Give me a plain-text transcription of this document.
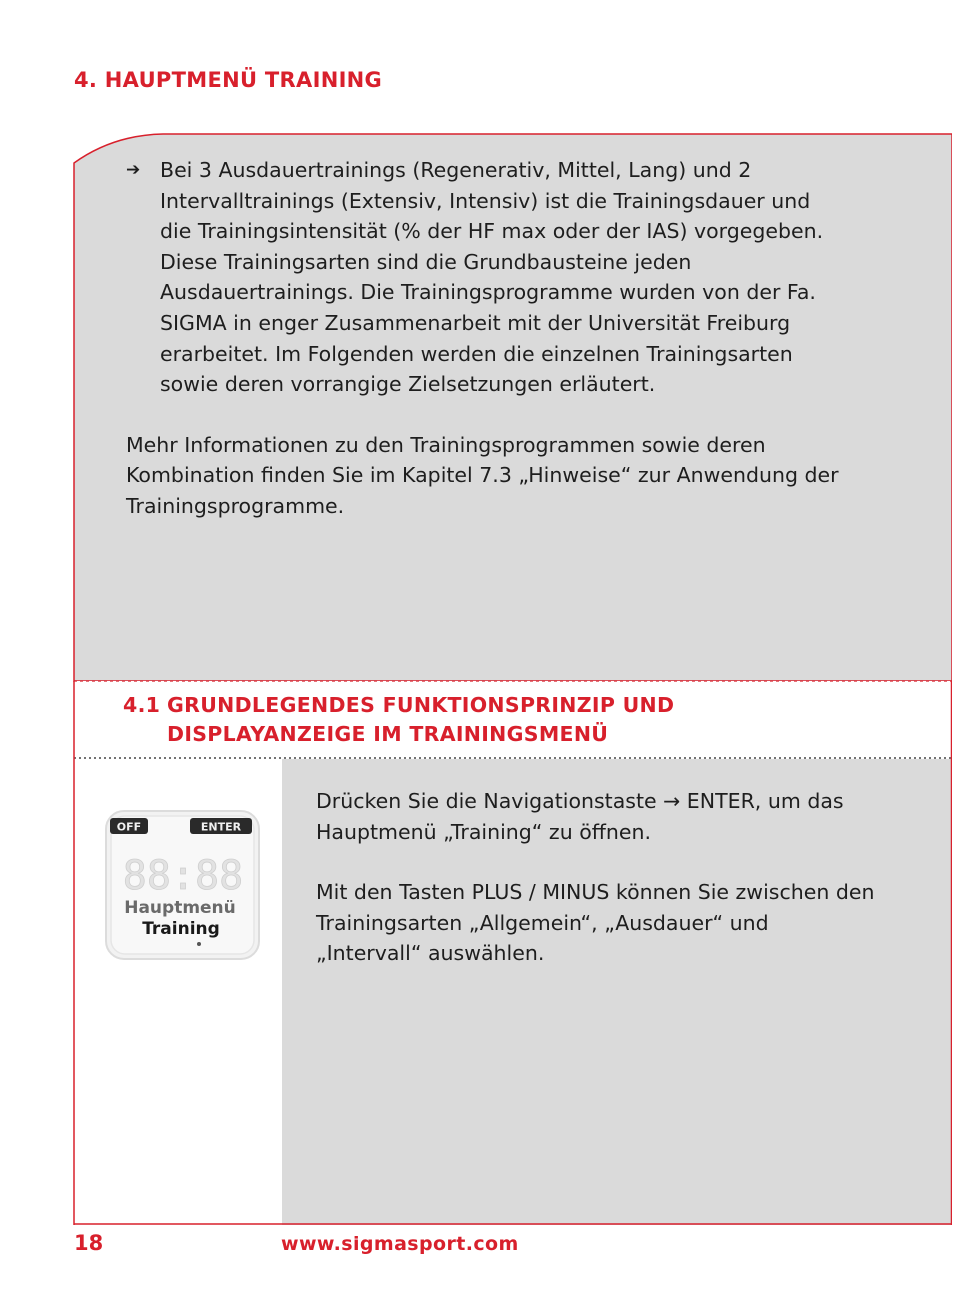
4. HAUPTMENÜ TRAINING
➔ Bei 3 Ausdauertrainings (Regenerativ, Mittel, Lang) und 2 Intervalltrainings (Extensiv, Intensiv) ist die Trainingsdauer und die Trainingsintensität (% der HF max oder der IAS) vorgegeben. Diese Trainingsarten sind die Grundbausteine jeden Ausdauertrainings. Die Trainingsprogramme wurden von der Fa. SIGMA in enger Zusammenarbeit mit der Universität Freiburg erarbeitet. Im Folgenden werden die einzelnen Trainingsarten sowie deren vorrangige Zielsetzungen erläutert.
Mehr Informationen zu den Trainingsprogrammen sowie deren Kombination finden Sie im Kapitel 7.3 „Hinweise“ zur Anwendung der Trainingsprogramme.
4.1 GRUNDLEGENDES FUNKTIONSPRINZIP UND
DISPLAYANZEIGE IM TRAININGSMENÜ
OFF	ENTER
88:88
Hauptmenü
Training

Drücken Sie die Navigationstaste → ENTER, um das Hauptmenü „Training“ zu öffnen.

Mit den Tasten PLUS / MINUS können Sie zwischen den Trainingsarten „Allgemein“, „Ausdauer“ und „Intervall“ auswählen.

18	www.sigmasport.com
